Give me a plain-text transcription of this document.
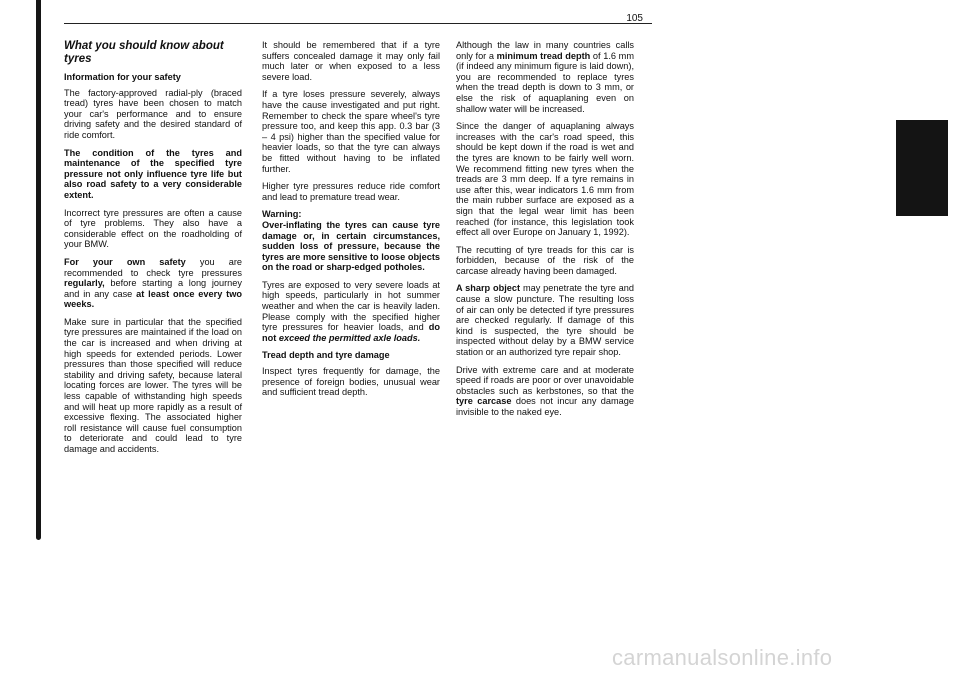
105
What you should know about tyres
Information for your safety

The factory-approved radial-ply (braced tread) tyres have been chosen to match your car's performance and to ensure driving safety and the desired standard of ride comfort.

The condition of the tyres and maintenance of the specified tyre pressure not only influence tyre life but also road safety to a very considerable extent.

Incorrect tyre pressures are often a cause of tyre problems. They also have a considerable effect on the roadholding of your BMW.

For your own safety you are recommended to check tyre pressures regularly, before starting a long journey and in any case at least once every two weeks.

Make sure in particular that the specified tyre pressures are maintained if the load on the car is increased and when driving at high speeds for extended periods. Lower pressures than those specified will reduce stability and driving safety, because lateral locating forces are lower. The tyres will be less capable of withstanding high speeds and will heat up more rapidly as a result of excessive flexing. The associated higher roll resistance will cause fuel consumption to deteriorate and could lead to tyre damage and accidents.

It should be remembered that if a tyre suffers concealed damage it may only fail much later or when exposed to a less severe load.

If a tyre loses pressure severely, always have the cause investigated and put right. Remember to check the spare wheel's tyre pressure too, and keep this app. 0.3 bar (3 – 4 psi) higher than the specified value for heavier loads, so that the tyre can always be fitted without having to be inflated further.

Higher tyre pressures reduce ride comfort and lead to premature tread wear.

Warning:
Over-inflating the tyres can cause tyre damage or, in certain circumstances, sudden loss of pressure, because the tyres are more sensitive to loose objects on the road or sharp-edged potholes.

Tyres are exposed to very severe loads at high speeds, particularly in hot summer weather and when the car is heavily laden. Please comply with the specified higher tyre pressures for heavier loads, and do not exceed the permitted axle loads.

Tread depth and tyre damage

Inspect tyres frequently for damage, the presence of foreign bodies, unusual wear and sufficient tread depth.

Although the law in many countries calls only for a minimum tread depth of 1.6 mm (if indeed any minimum figure is laid down), you are recommended to replace tyres when the tread depth is down to 3 mm, or else the risk of aquaplaning even on shallow water will be increased.

Since the danger of aquaplaning always increases with the car's road speed, this should be kept down if the road is wet and the tyres are known to be fairly well worn. We recommend fitting new tyres when the treads are 3 mm deep. If a tyre remains in use after this, wear indicators 1.6 mm from the main rubber surface are exposed as a sign that the legal wear limit has been reached (for instance, this legislation took effect all over Europe on January 1, 1992).

The recutting of tyre treads for this car is forbidden, because of the risk of the carcase already having been damaged.

A sharp object may penetrate the tyre and cause a slow puncture. The resulting loss of air can only be detected if tyre pressures are checked regularly. If damage of this kind is suspected, the tyre should be inspected without delay by a BMW service station or an authorized tyre repair shop.

Drive with extreme care and at moderate speed if roads are poor or over unavoidable obstacles such as kerbstones, so that the tyre carcase does not incur any damage invisible to the naked eye.

carmanualsonline.info
